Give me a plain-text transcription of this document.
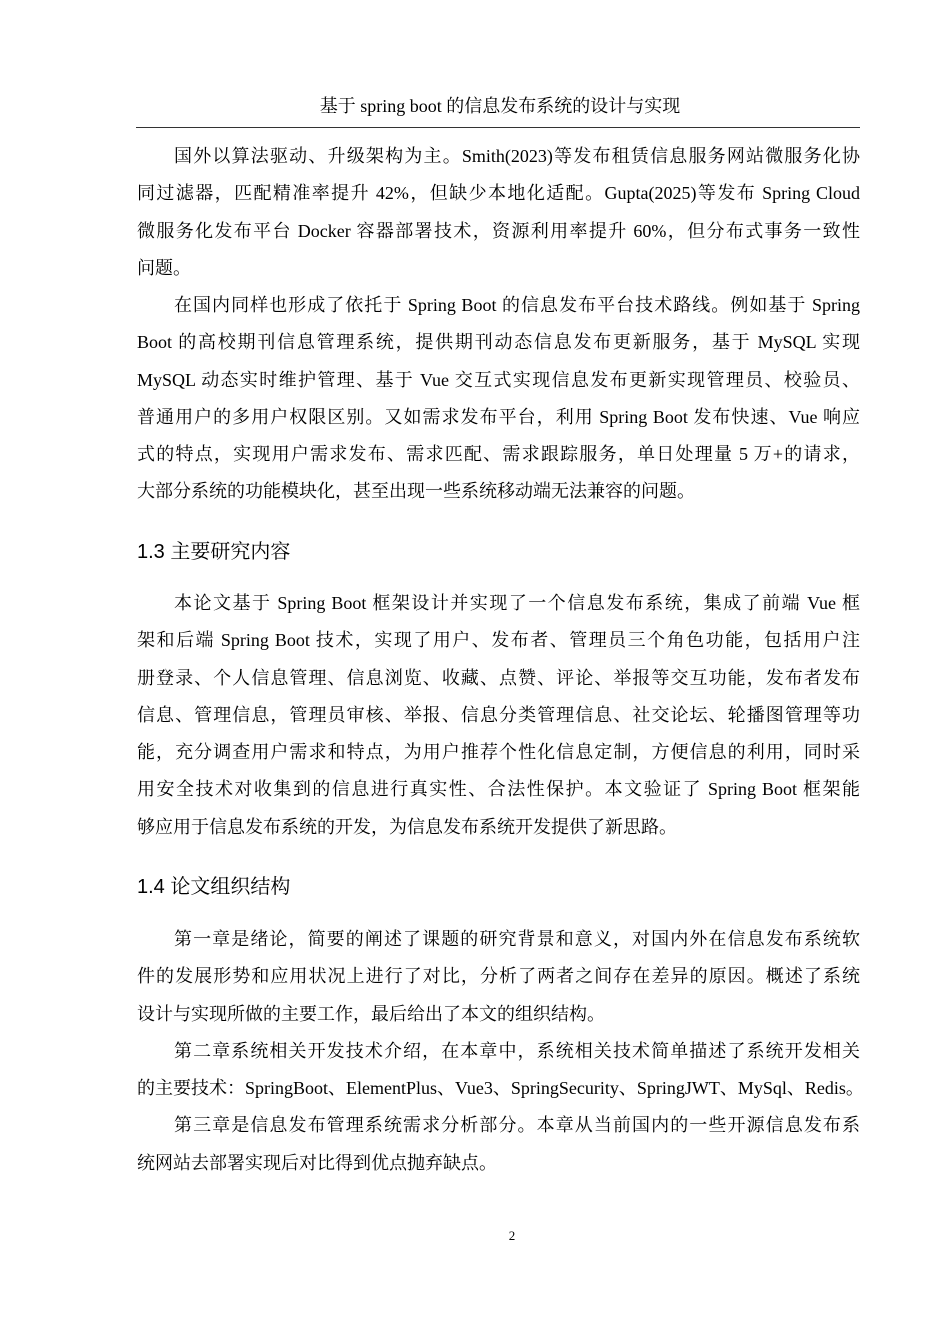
基于 spring boot 的信息发布系统的设计与实现
国外以算法驱动、升级架构为主。Smith(2023)等发布租赁信息服务网站微服务化协
同过滤器，匹配精准率提升 42%，但缺少本地化适配。Gupta(2025)等发布 Spring Cloud
微服务化发布平台 Docker 容器部署技术，资源利用率提升 60%，但分布式事务一致性
问题。
在国内同样也形成了依托于 Spring Boot 的信息发布平台技术路线。例如基于 Spring
Boot 的高校期刊信息管理系统，提供期刊动态信息发布更新服务，基于 MySQL 实现
MySQL 动态实时维护管理、基于 Vue 交互式实现信息发布更新实现管理员、校验员、
普通用户的多用户权限区别。又如需求发布平台，利用 Spring Boot 发布快速、Vue 响应
式的特点，实现用户需求发布、需求匹配、需求跟踪服务，单日处理量 5 万+的请求，
大部分系统的功能模块化，甚至出现一些系统移动端无法兼容的问题。
1.3 主要研究内容
本论文基于 Spring Boot 框架设计并实现了一个信息发布系统，集成了前端 Vue 框
架和后端 Spring Boot 技术，实现了用户、发布者、管理员三个角色功能，包括用户注
册登录、个人信息管理、信息浏览、收藏、点赞、评论、举报等交互功能，发布者发布
信息、管理信息，管理员审核、举报、信息分类管理信息、社交论坛、轮播图管理等功
能，充分调查用户需求和特点，为用户推荐个性化信息定制，方便信息的利用，同时采
用安全技术对收集到的信息进行真实性、合法性保护。本文验证了 Spring Boot 框架能
够应用于信息发布系统的开发，为信息发布系统开发提供了新思路。
1.4 论文组织结构
第一章是绪论，简要的阐述了课题的研究背景和意义，对国内外在信息发布系统软
件的发展形势和应用状况上进行了对比，分析了两者之间存在差异的原因。概述了系统
设计与实现所做的主要工作，最后给出了本文的组织结构。
第二章系统相关开发技术介绍，在本章中，系统相关技术简单描述了系统开发相关
的主要技术：SpringBoot、ElementPlus、Vue3、SpringSecurity、SpringJWT、MySql、Redis。
第三章是信息发布管理系统需求分析部分。本章从当前国内的一些开源信息发布系
统网站去部署实现后对比得到优点抛弃缺点。
2
